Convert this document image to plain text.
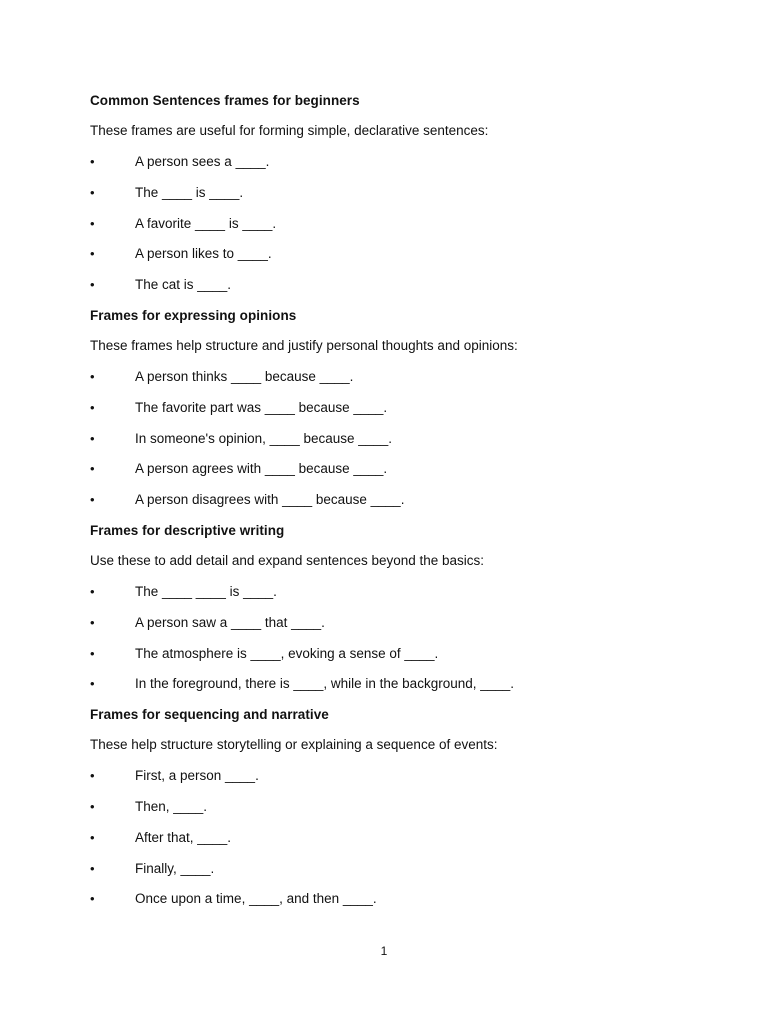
Common Sentences frames for beginners
These frames are useful for forming simple, declarative sentences:
•	A person sees a ____.
•	The ____ is ____.
•	A favorite ____ is ____.
•	A person likes to ____.
•	The cat is ____.
Frames for expressing opinions
These frames help structure and justify personal thoughts and opinions:
•	A person thinks ____ because ____.
•	The favorite part was ____ because ____.
•	In someone's opinion, ____ because ____.
•	A person agrees with ____ because ____.
•	A person disagrees with ____ because ____.
Frames for descriptive writing
Use these to add detail and expand sentences beyond the basics:
•	The ____ ____ is ____.
•	A person saw a ____ that ____.
•	The atmosphere is ____, evoking a sense of ____.
•	In the foreground, there is ____, while in the background, ____.
Frames for sequencing and narrative
These help structure storytelling or explaining a sequence of events:
•	First, a person ____.
•	Then, ____.
•	After that, ____.
•	Finally, ____.
•	Once upon a time, ____, and then ____.
1
